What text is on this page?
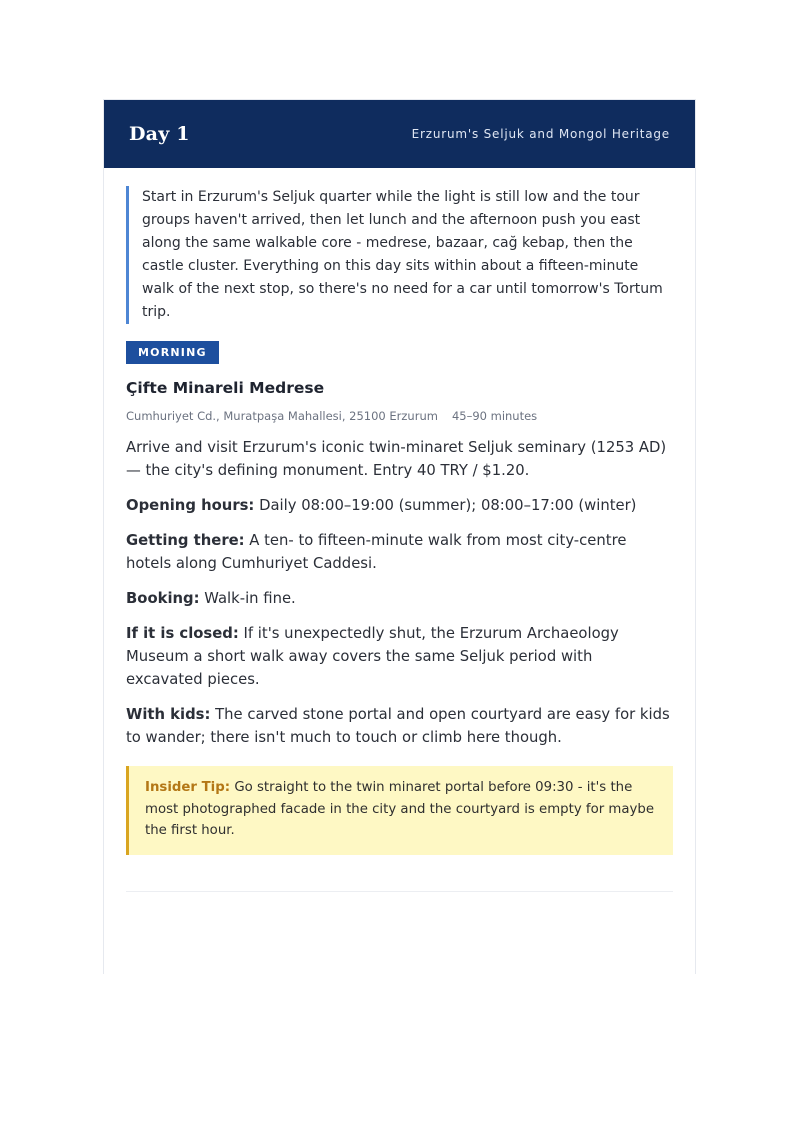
Day 1	Erzurum's Seljuk and Mongol Heritage

Start in Erzurum's Seljuk quarter while the light is still low and the tour groups haven't arrived, then let lunch and the afternoon push you east along the same walkable core - medrese, bazaar, cağ kebap, then the castle cluster. Everything on this day sits within about a fifteen-minute walk of the next stop, so there's no need for a car until tomorrow's Tortum trip.

MORNING
Çifte Minareli Medrese
Cumhuriyet Cd., Muratpaşa Mahallesi, 25100 Erzurum 45–90 minutes
Arrive and visit Erzurum's iconic twin-minaret Seljuk seminary (1253 AD) — the city's defining monument. Entry 40 TRY / $1.20.
Opening hours: Daily 08:00–19:00 (summer); 08:00–17:00 (winter)
Getting there: A ten- to fifteen-minute walk from most city-centre hotels along Cumhuriyet Caddesi.
Booking: Walk-in fine.
If it is closed: If it's unexpectedly shut, the Erzurum Archaeology Museum a short walk away covers the same Seljuk period with excavated pieces.
With kids: The carved stone portal and open courtyard are easy for kids to wander; there isn't much to touch or climb here though.
Insider Tip: Go straight to the twin minaret portal before 09:30 - it's the most photographed facade in the city and the courtyard is empty for maybe the first hour.
